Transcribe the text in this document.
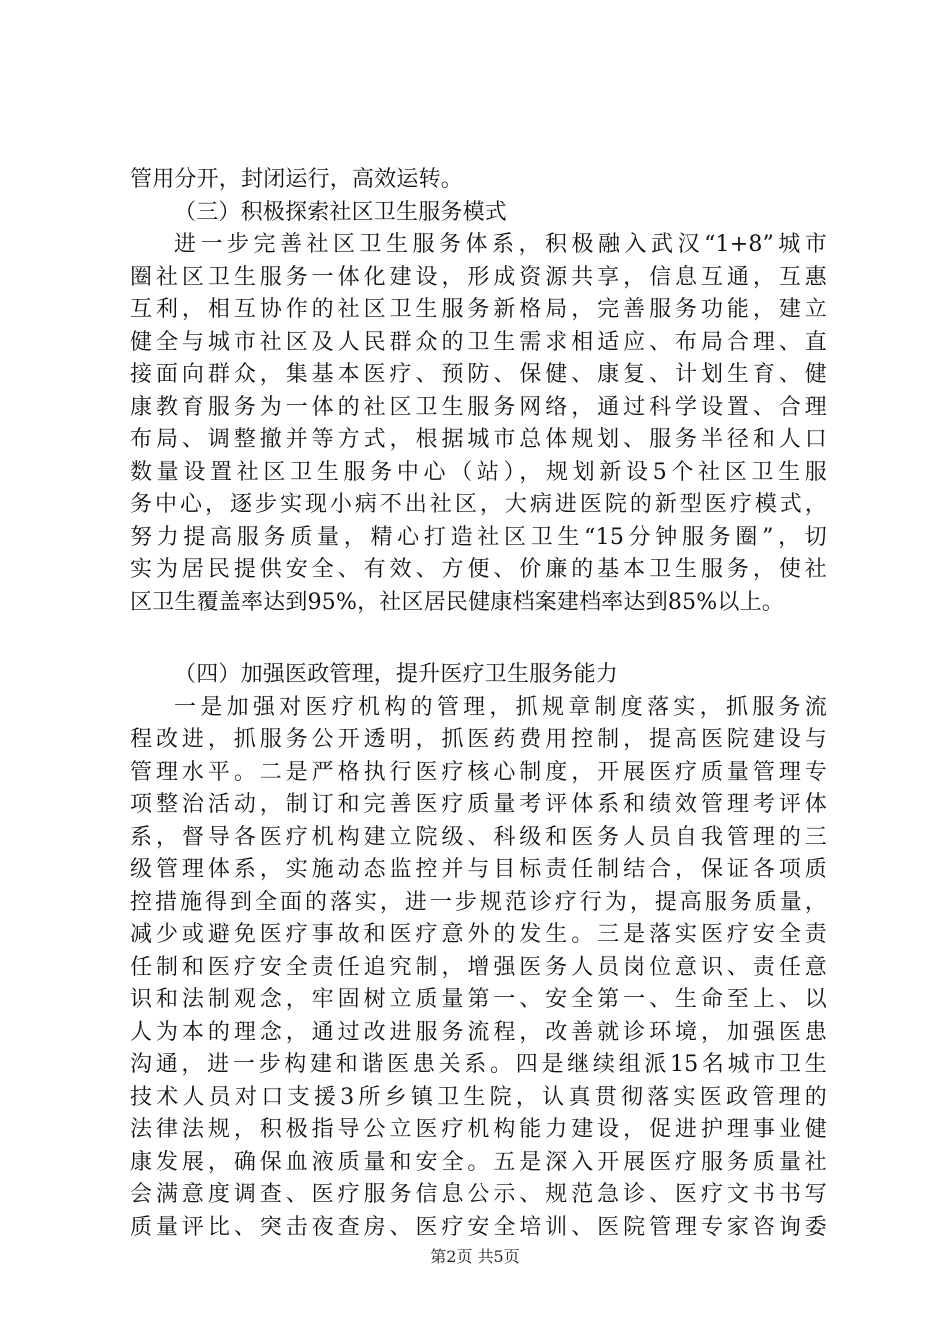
管用分开，封闭运行，高效运转。
（三）积极探索社区卫生服务模式
进一步完善社区卫生服务体系，积极融入武汉“1+8”城市
圈社区卫生服务一体化建设，形成资源共享，信息互通，互惠
互利，相互协作的社区卫生服务新格局，完善服务功能，建立
健全与城市社区及人民群众的卫生需求相适应、布局合理、直
接面向群众，集基本医疗、预防、保健、康复、计划生育、健
康教育服务为一体的社区卫生服务网络，通过科学设置、合理
布局、调整撤并等方式，根据城市总体规划、服务半径和人口
数量设置社区卫生服务中心（站），规划新设5个社区卫生服
务中心，逐步实现小病不出社区，大病进医院的新型医疗模式，
努力提高服务质量，精心打造社区卫生“15分钟服务圈”，切
实为居民提供安全、有效、方便、价廉的基本卫生服务，使社
区卫生覆盖率达到95%，社区居民健康档案建档率达到85%以上。
（四）加强医政管理，提升医疗卫生服务能力
一是加强对医疗机构的管理，抓规章制度落实，抓服务流
程改进，抓服务公开透明，抓医药费用控制，提高医院建设与
管理水平。二是严格执行医疗核心制度，开展医疗质量管理专
项整治活动，制订和完善医疗质量考评体系和绩效管理考评体
系，督导各医疗机构建立院级、科级和医务人员自我管理的三
级管理体系，实施动态监控并与目标责任制结合，保证各项质
控措施得到全面的落实，进一步规范诊疗行为，提高服务质量，
减少或避免医疗事故和医疗意外的发生。三是落实医疗安全责
任制和医疗安全责任追究制，增强医务人员岗位意识、责任意
识和法制观念，牢固树立质量第一、安全第一、生命至上、以
人为本的理念，通过改进服务流程，改善就诊环境，加强医患
沟通，进一步构建和谐医患关系。四是继续组派15名城市卫生
技术人员对口支援3所乡镇卫生院，认真贯彻落实医政管理的
法律法规，积极指导公立医疗机构能力建设，促进护理事业健
康发展，确保血液质量和安全。五是深入开展医疗服务质量社
会满意度调查、医疗服务信息公示、规范急诊、医疗文书书写
质量评比、突击夜查房、医疗安全培训、医院管理专家咨询委
第2页 共5页
